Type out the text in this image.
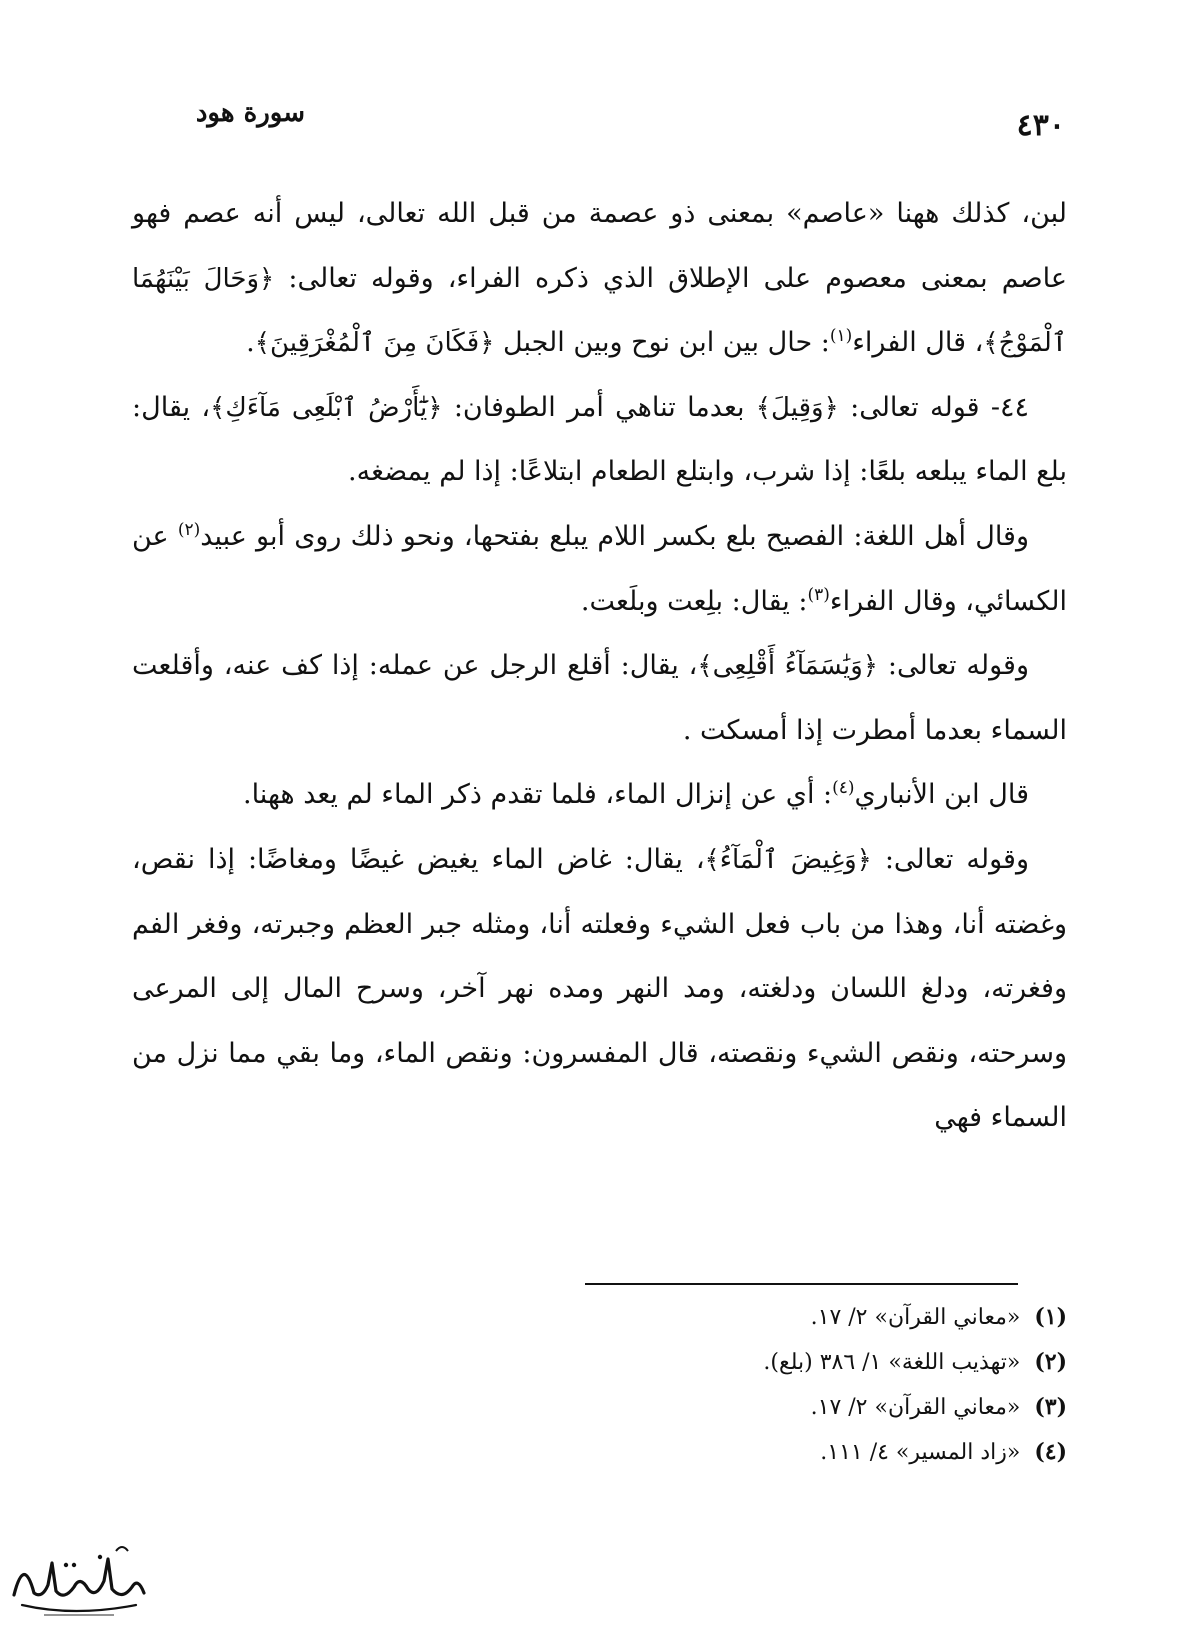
سورة هود	٤٣٠

لبن، كذلك ههنا «عاصم» بمعنى ذو عصمة من قبل الله تعالى، ليس أنه عصم فهو عاصم بمعنى معصوم على الإطلاق الذي ذكره الفراء، وقوله تعالى: ﴿وَحَالَ بَيْنَهُمَا ٱلْمَوْجُ﴾، قال الفراء$^{(١)}$: حال بين ابن نوح وبين الجبل ﴿فَكَانَ مِنَ ٱلْمُغْرَقِينَ﴾.

٤٤- قوله تعالى: ﴿وَقِيلَ﴾ بعدما تناهي أمر الطوفان: ﴿يَٰٓأَرْضُ ٱبْلَعِى مَآءَكِ﴾، يقال: بلع الماء يبلعه بلعًا: إذا شرب، وابتلع الطعام ابتلاعًا: إذا لم يمضغه.

وقال أهل اللغة: الفصيح بلع بكسر اللام يبلع بفتحها، ونحو ذلك روى أبو عبيد$^{(٢)}$ عن الكسائي، وقال الفراء$^{(٣)}$: يقال: بلِعت وبلَعت.

وقوله تعالى: ﴿وَيَٰسَمَآءُ أَقْلِعِى﴾، يقال: أقلع الرجل عن عمله: إذا كف عنه، وأقلعت السماء بعدما أمطرت إذا أمسكت .

قال ابن الأنباري$^{(٤)}$: أي عن إنزال الماء، فلما تقدم ذكر الماء لم يعد ههنا.

وقوله تعالى: ﴿وَغِيضَ ٱلْمَآءُ﴾، يقال: غاض الماء يغيض غيضًا ومغاضًا: إذا نقص، وغضته أنا، وهذا من باب فعل الشيء وفعلته أنا، ومثله جبر العظم وجبرته، وفغر الفم وفغرته، ودلغ اللسان ودلغته، ومد النهر ومده نهر آخر، وسرح المال إلى المرعى وسرحته، ونقص الشيء ونقصته، قال المفسرون: ونقص الماء، وما بقي مما نزل من السماء فهي

(١)
«معاني القرآن» ٢/ ١٧.
(٢)
«تهذيب اللغة» ١/ ٣٨٦ (بلع).
(٣)
«معاني القرآن» ٢/ ١٧.
(٤)
«زاد المسير» ٤/ ١١١.
